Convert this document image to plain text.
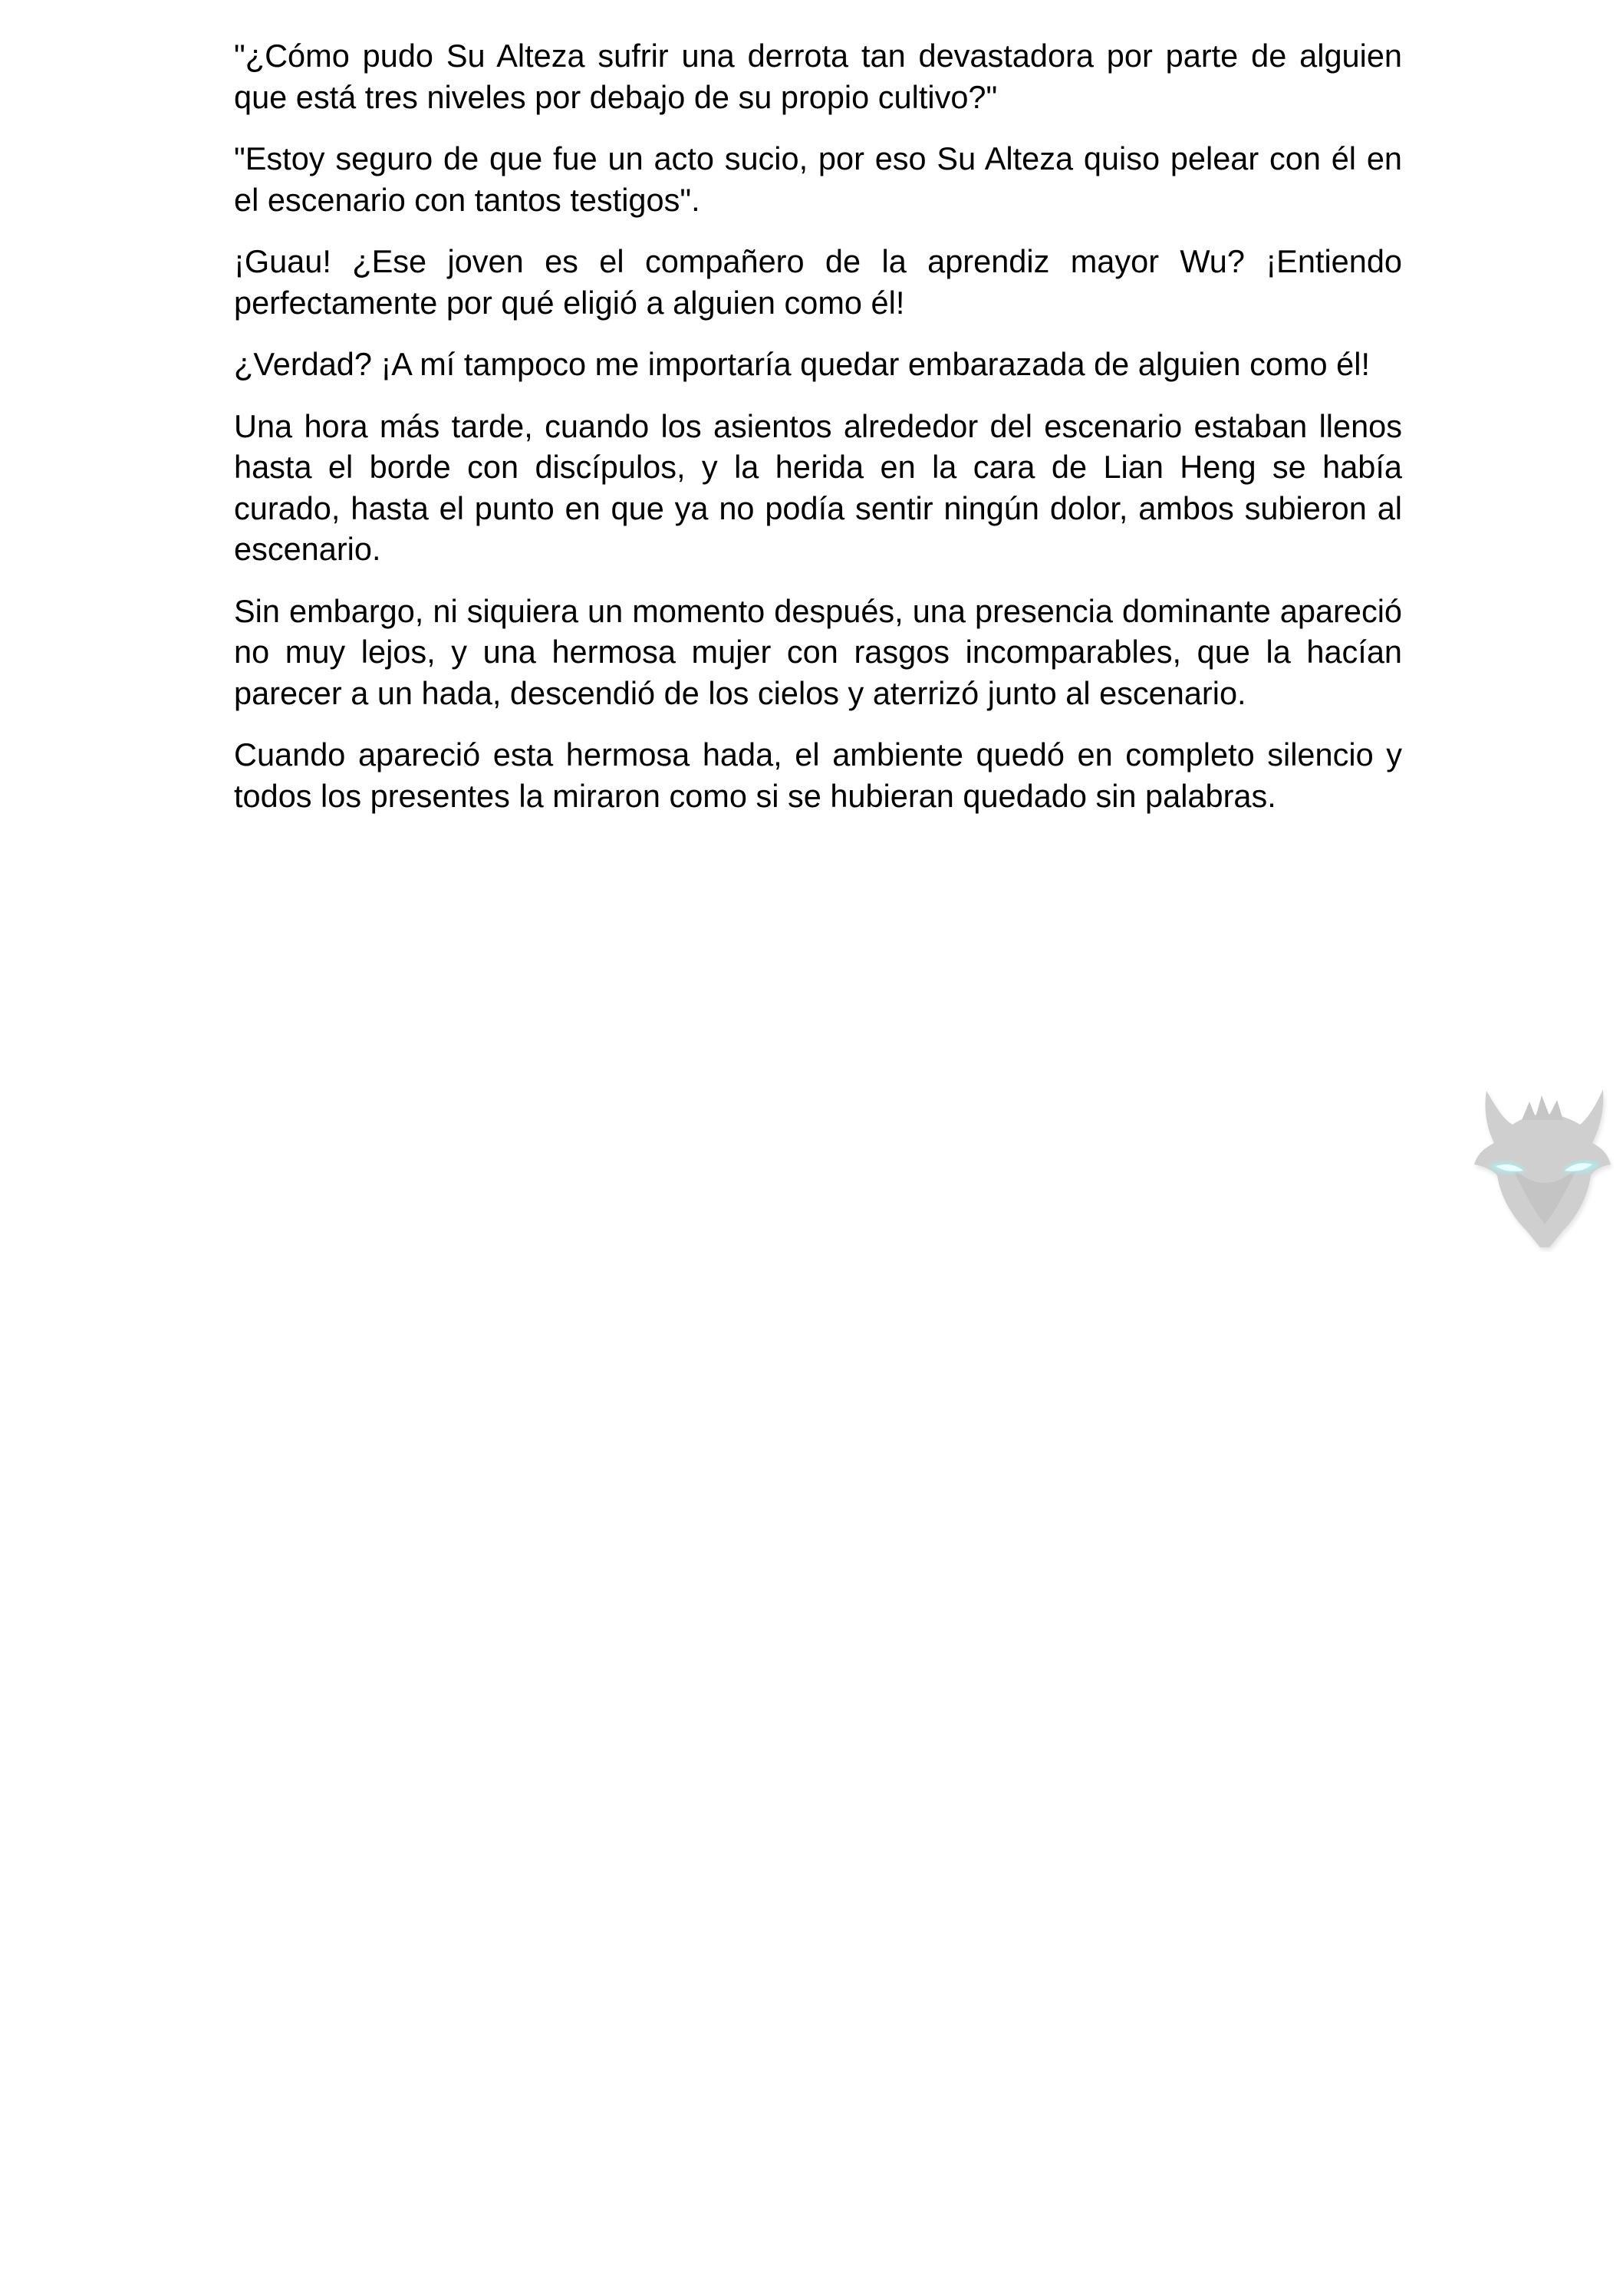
"¿Cómo pudo Su Alteza sufrir una derrota tan devastadora por parte de alguien que está tres niveles por debajo de su propio cultivo?"

"Estoy seguro de que fue un acto sucio, por eso Su Alteza quiso pelear con él en el escenario con tantos testigos".

¡Guau! ¿Ese joven es el compañero de la aprendiz mayor Wu? ¡Entiendo perfectamente por qué eligió a alguien como él!

¿Verdad? ¡A mí tampoco me importaría quedar embarazada de alguien como él!

Una hora más tarde, cuando los asientos alrededor del escenario estaban llenos hasta el borde con discípulos, y la herida en la cara de Lian Heng se había curado, hasta el punto en que ya no podía sentir ningún dolor, ambos subieron al escenario.

Sin embargo, ni siquiera un momento después, una presencia dominante apareció no muy lejos, y una hermosa mujer con rasgos incomparables, que la hacían parecer a un hada, descendió de los cielos y aterrizó junto al escenario.

Cuando apareció esta hermosa hada, el ambiente quedó en completo silencio y todos los presentes la miraron como si se hubieran quedado sin palabras.
